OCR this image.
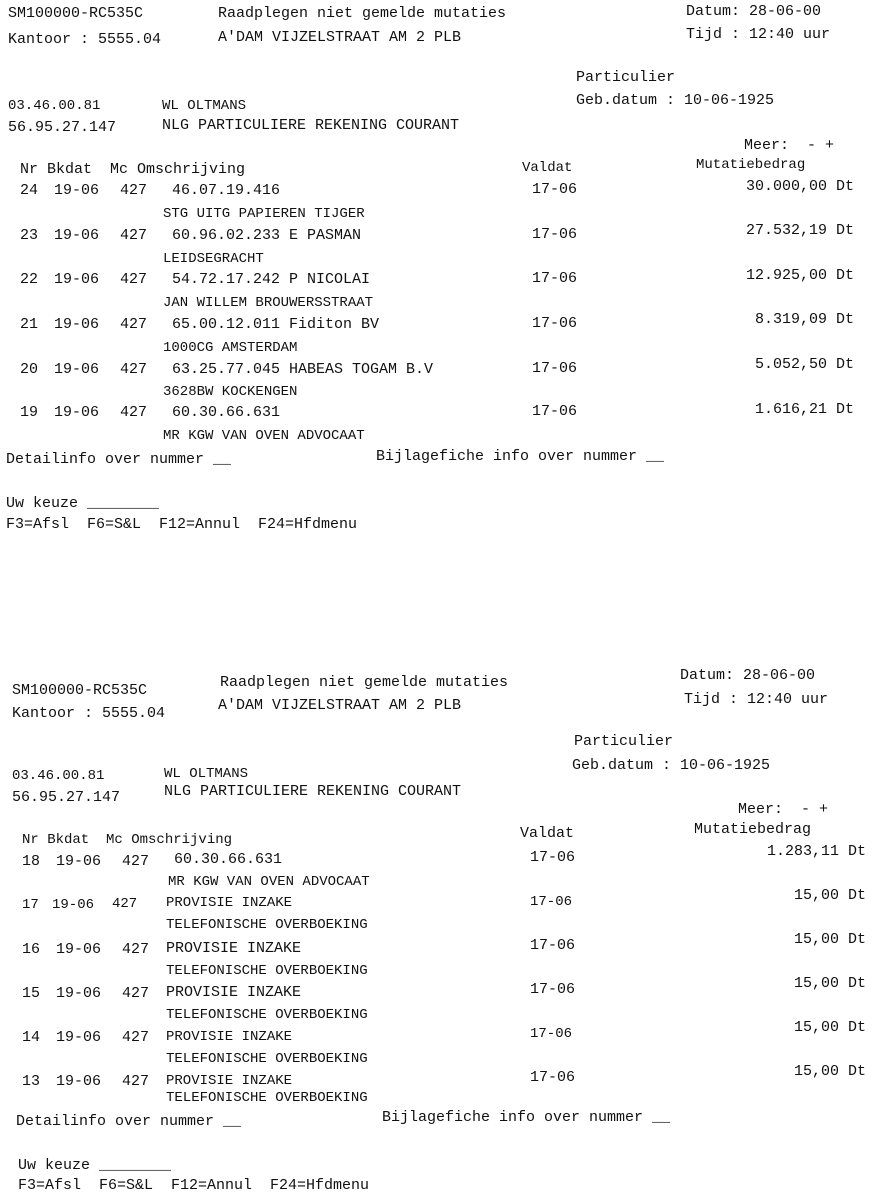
SM100000-RC535C	Raadplegen niet gemelde mutaties	Datum: 28-06-00
Kantoor : 5555.04	A'DAM VIJZELSTRAAT AM 2 PLB	Tijd : 12:40 uur
Particulier
03.46.00.81	WL OLTMANS	Geb.datum : 10-06-1925
56.95.27.147	NLG PARTICULIERE REKENING COURANT
Meer:  - +
Nr Bkdat  Mc Omschrijving	Valdat	Mutatiebedrag
24 19-06 427 46.07.19.416	17-06	30.000,00 Dt
STG UITG PAPIEREN TIJGER
23 19-06 427 60.96.02.233 E PASMAN	17-06	27.532,19 Dt
LEIDSEGRACHT
22 19-06 427 54.72.17.242 P NICOLAI	17-06	12.925,00 Dt
JAN WILLEM BROUWERSSTRAAT
21 19-06 427 65.00.12.011 Fiditon BV	17-06	8.319,09 Dt
1000CG AMSTERDAM
20 19-06 427 63.25.77.045 HABEAS TOGAM B.V	17-06	5.052,50 Dt
3628BW KOCKENGEN
19 19-06 427 60.30.66.631	17-06	1.616,21 Dt
MR KGW VAN OVEN ADVOCAAT
Detailinfo over nummer __	Bijlagefiche info over nummer __
Uw keuze ________
F3=Afsl  F6=S&L  F12=Annul  F24=Hfdmenu
SM100000-RC535C	Raadplegen niet gemelde mutaties	Datum: 28-06-00
Kantoor : 5555.04	A'DAM VIJZELSTRAAT AM 2 PLB	Tijd : 12:40 uur
Particulier
03.46.00.81	WL OLTMANS	Geb.datum : 10-06-1925
56.95.27.147	NLG PARTICULIERE REKENING COURANT
Meer:  - +
Nr Bkdat  Mc Omschrijving	Valdat	Mutatiebedrag
18 19-06 427 60.30.66.631	17-06	1.283,11 Dt
MR KGW VAN OVEN ADVOCAAT
17 19-06 427 PROVISIE INZAKE	17-06	15,00 Dt
TELEFONISCHE OVERBOEKING
16 19-06 427 PROVISIE INZAKE	17-06	15,00 Dt
TELEFONISCHE OVERBOEKING
15 19-06 427 PROVISIE INZAKE	17-06	15,00 Dt
TELEFONISCHE OVERBOEKING
14 19-06 427 PROVISIE INZAKE	17-06	15,00 Dt
TELEFONISCHE OVERBOEKING
13 19-06 427 PROVISIE INZAKE	17-06	15,00 Dt
TELEFONISCHE OVERBOEKING
Detailinfo over nummer __	Bijlagefiche info over nummer __
Uw keuze ________
F3=Afsl  F6=S&L  F12=Annul  F24=Hfdmenu
